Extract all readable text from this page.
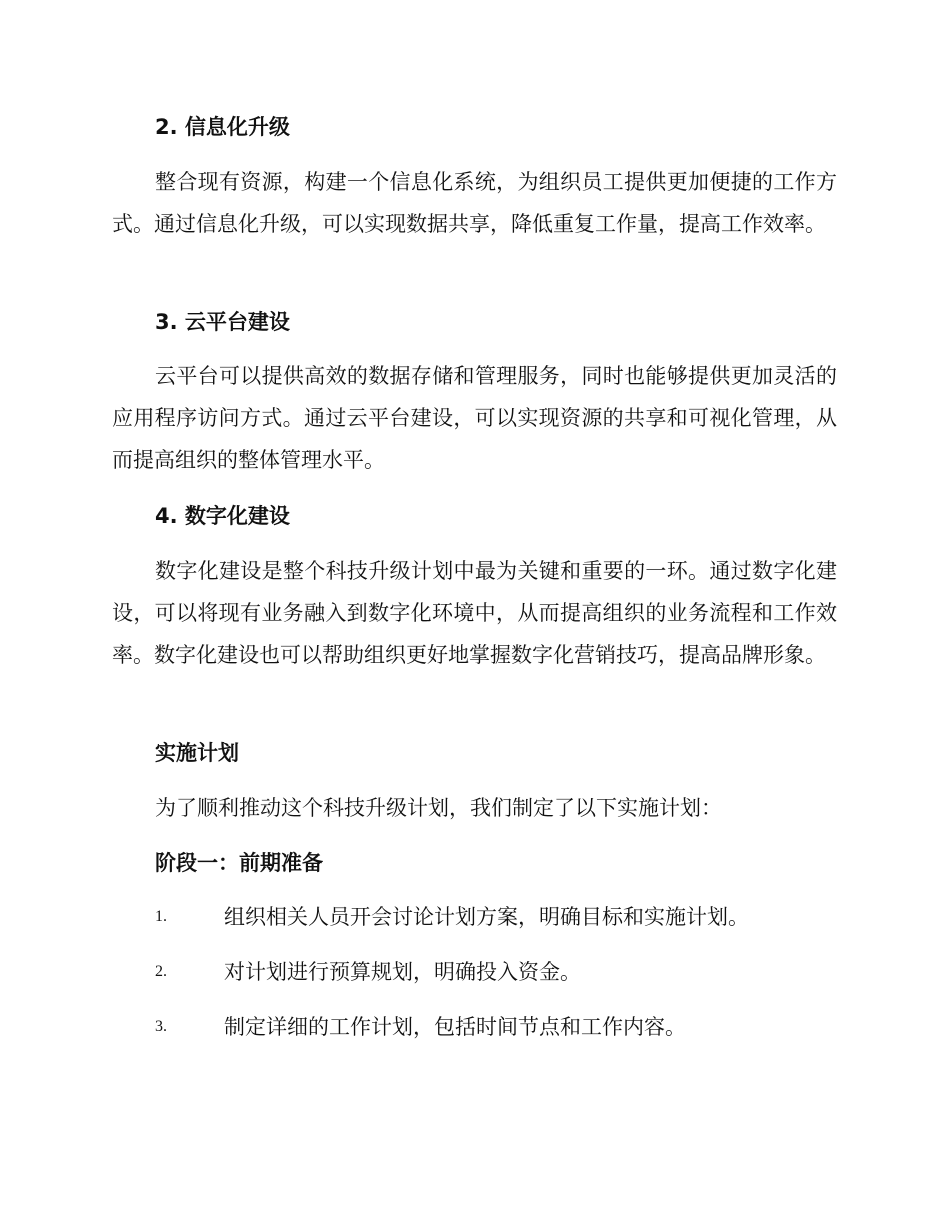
2. 信息化升级
整合现有资源，构建一个信息化系统，为组织员工提供更加便捷的工作方式。通过信息化升级，可以实现数据共享，降低重复工作量，提高工作效率。
3. 云平台建设
云平台可以提供高效的数据存储和管理服务，同时也能够提供更加灵活的应用程序访问方式。通过云平台建设，可以实现资源的共享和可视化管理，从而提高组织的整体管理水平。
4. 数字化建设
数字化建设是整个科技升级计划中最为关键和重要的一环。通过数字化建设，可以将现有业务融入到数字化环境中，从而提高组织的业务流程和工作效率。数字化建设也可以帮助组织更好地掌握数字化营销技巧，提高品牌形象。
实施计划
为了顺利推动这个科技升级计划，我们制定了以下实施计划：
阶段一：前期准备
1.	组织相关人员开会讨论计划方案，明确目标和实施计划。
2.	对计划进行预算规划，明确投入资金。
3.	制定详细的工作计划，包括时间节点和工作内容。
